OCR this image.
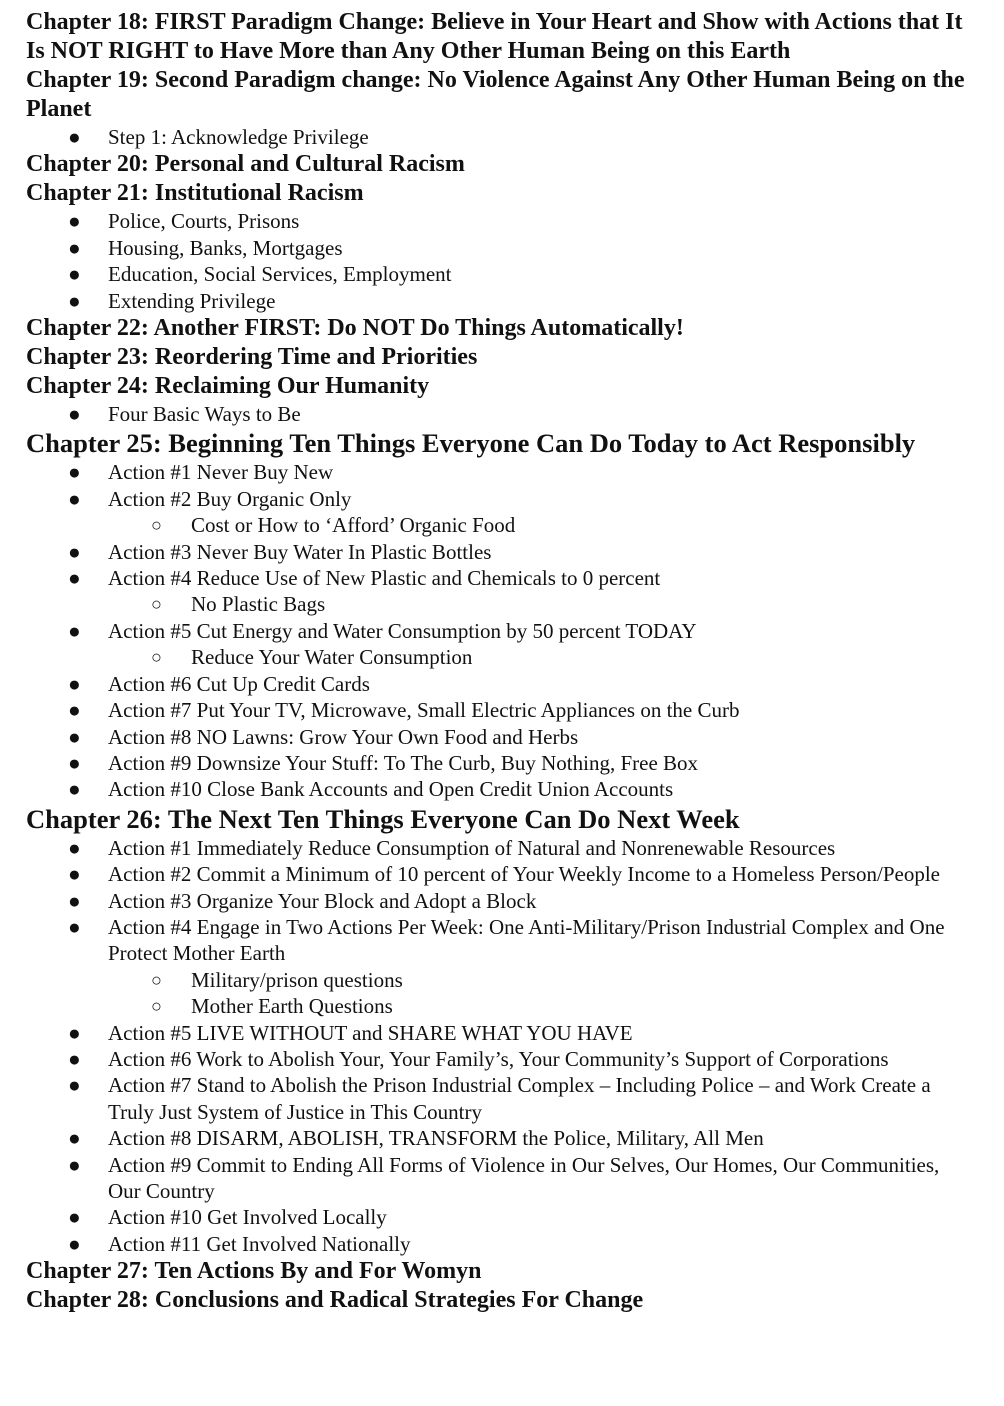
Chapter 18: FIRST Paradigm Change: Believe in Your Heart and Show with Actions that It Is NOT RIGHT to Have More than Any Other Human Being on this Earth
Chapter 19: Second Paradigm change: No Violence Against Any Other Human Being on the Planet
● Step 1: Acknowledge Privilege
Chapter 20: Personal and Cultural Racism
Chapter 21: Institutional Racism
● Police, Courts, Prisons
● Housing, Banks, Mortgages
● Education, Social Services, Employment
● Extending Privilege
Chapter 22: Another FIRST: Do NOT Do Things Automatically!
Chapter 23: Reordering Time and Priorities
Chapter 24: Reclaiming Our Humanity
● Four Basic Ways to Be
Chapter 25: Beginning Ten Things Everyone Can Do Today to Act Responsibly
● Action #1 Never Buy New
● Action #2 Buy Organic Only
○ Cost or How to ‘Afford’ Organic Food
● Action #3 Never Buy Water In Plastic Bottles
● Action #4 Reduce Use of New Plastic and Chemicals to 0 percent
○ No Plastic Bags
● Action #5 Cut Energy and Water Consumption by 50 percent TODAY
○ Reduce Your Water Consumption
● Action #6 Cut Up Credit Cards
● Action #7 Put Your TV, Microwave, Small Electric Appliances on the Curb
● Action #8 NO Lawns: Grow Your Own Food and Herbs
● Action #9 Downsize Your Stuff: To The Curb, Buy Nothing, Free Box
● Action #10 Close Bank Accounts and Open Credit Union Accounts
Chapter 26: The Next Ten Things Everyone Can Do Next Week
● Action #1 Immediately Reduce Consumption of Natural and Nonrenewable Resources
● Action #2 Commit a Minimum of 10 percent of Your Weekly Income to a Homeless Person/People
● Action #3 Organize Your Block and Adopt a Block
● Action #4 Engage in Two Actions Per Week: One Anti-Military/Prison Industrial Complex and One Protect Mother Earth
○ Military/prison questions
○ Mother Earth Questions
● Action #5 LIVE WITHOUT and SHARE WHAT YOU HAVE
● Action #6 Work to Abolish Your, Your Family’s, Your Community’s Support of Corporations
● Action #7 Stand to Abolish the Prison Industrial Complex – Including Police – and Work Create a Truly Just System of Justice in This Country
● Action #8 DISARM, ABOLISH, TRANSFORM the Police, Military, All Men
● Action #9 Commit to Ending All Forms of Violence in Our Selves, Our Homes, Our Communities, Our Country
● Action #10 Get Involved Locally
● Action #11 Get Involved Nationally
Chapter 27: Ten Actions By and For Womyn
Chapter 28: Conclusions and Radical Strategies For Change
